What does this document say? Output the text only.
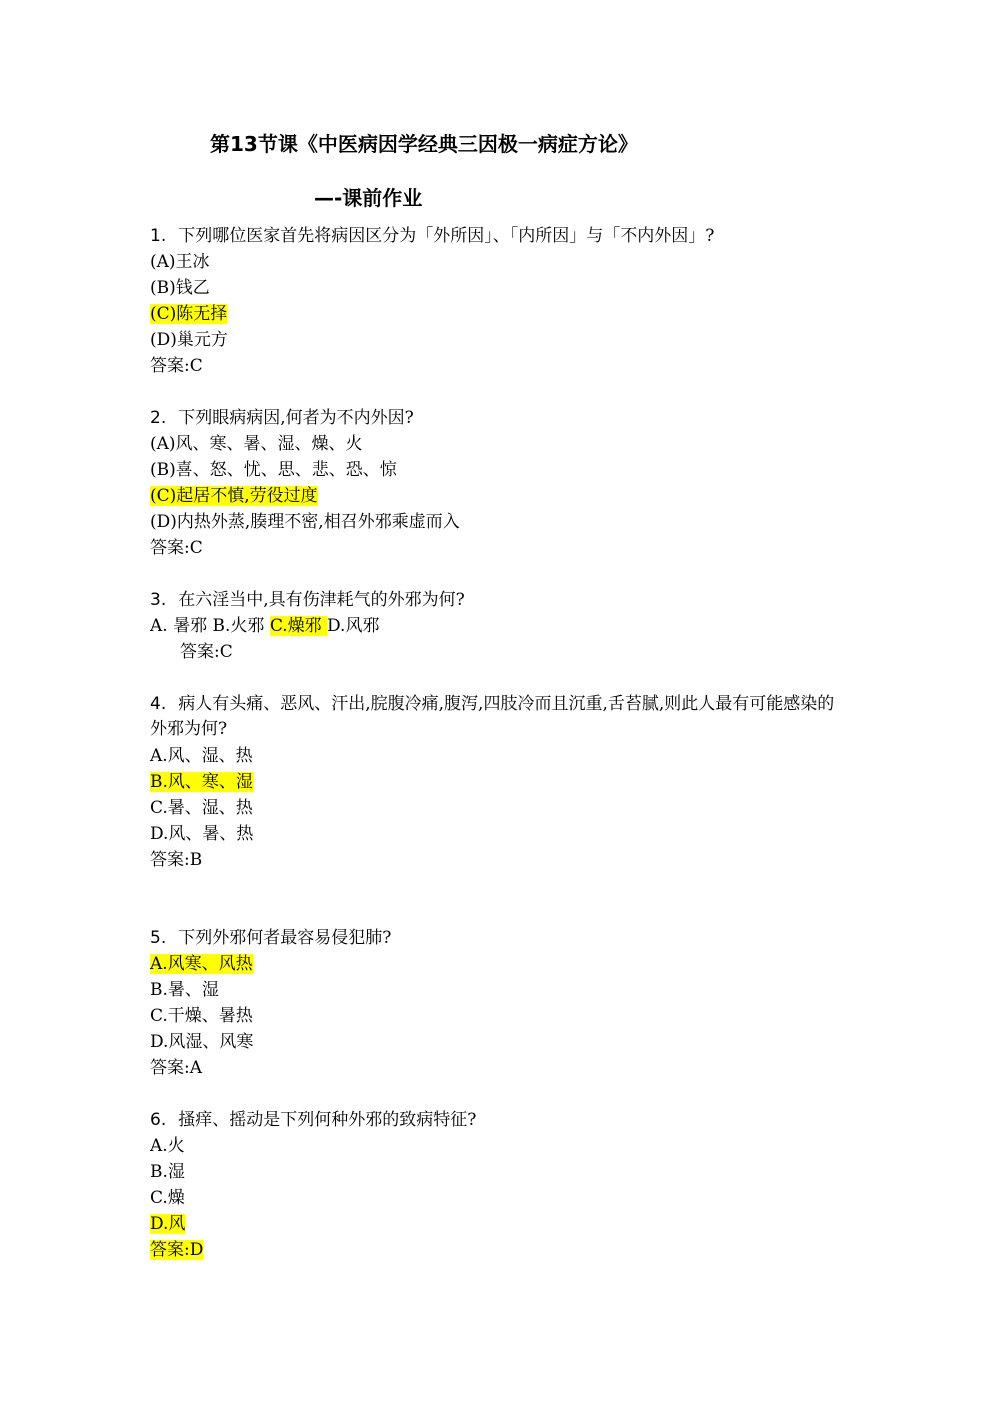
第13节课《中医病因学经典三因极一病症方论》
—-课前作业
1. 下列哪位医家首先将病因区分为「外所因」、「内所因」与「不内外因」?
(A)王冰
(B)钱乙
(C)陈无择
(D)巢元方
答案:C
2. 下列眼病病因,何者为不内外因?
(A)风、寒、暑、湿、燥、火
(B)喜、怒、忧、思、悲、恐、惊
(C)起居不慎,劳役过度
(D)内热外蒸,腠理不密,相召外邪乘虚而入
答案:C
3. 在六淫当中,具有伤津耗气的外邪为何?
A. 暑邪 B.火邪 C.燥邪 D.风邪
答案:C
4. 病人有头痛、恶风、汗出,脘腹冷痛,腹泻,四肢冷而且沉重,舌苔腻,则此人最有可能感染的外邪为何?
A.风、湿、热
B.风、寒、湿
C.暑、湿、热
D.风、暑、热
答案:B
5. 下列外邪何者最容易侵犯肺?
A.风寒、风热
B.暑、湿
C.干燥、暑热
D.风湿、风寒
答案:A
6. 搔痒、摇动是下列何种外邪的致病特征?
A.火
B.湿
C.燥
D.风
答案:D
